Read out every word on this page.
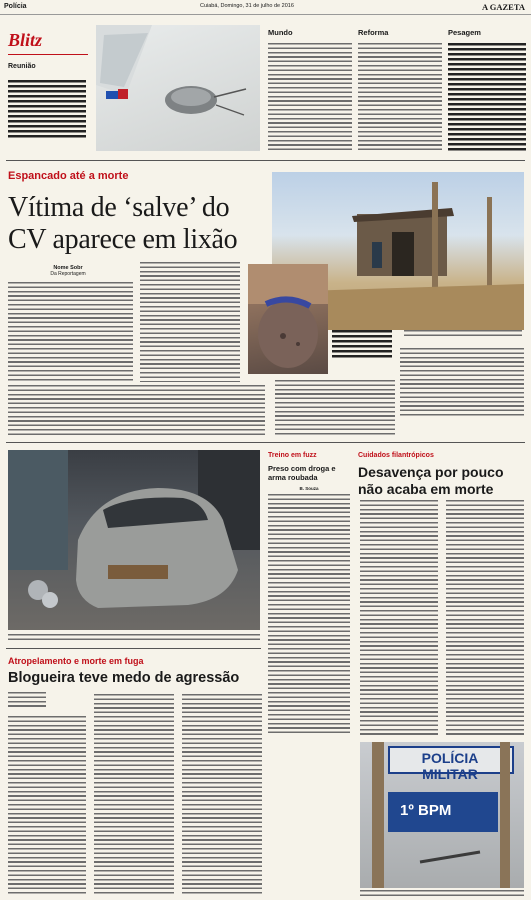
Polícia	Cuiabá, Domingo, 31 de julho de 2016	A GAZETA
Blitz
Reunião
Mundo	Reforma	Pesagem
Espancado até a morte
Vítima de ‘salve’ do CV aparece em lixão
Nome Sobr
Da Reportagem
Treino em fuzz
Preso com droga e arma roubada
B. Souza
Cuidados filantrópicos
Desavença por pouco não acaba em morte
POLÍCIA MILITAR
1º BPM
Atropelamento e morte em fuga
Blogueira teve medo de agressão
